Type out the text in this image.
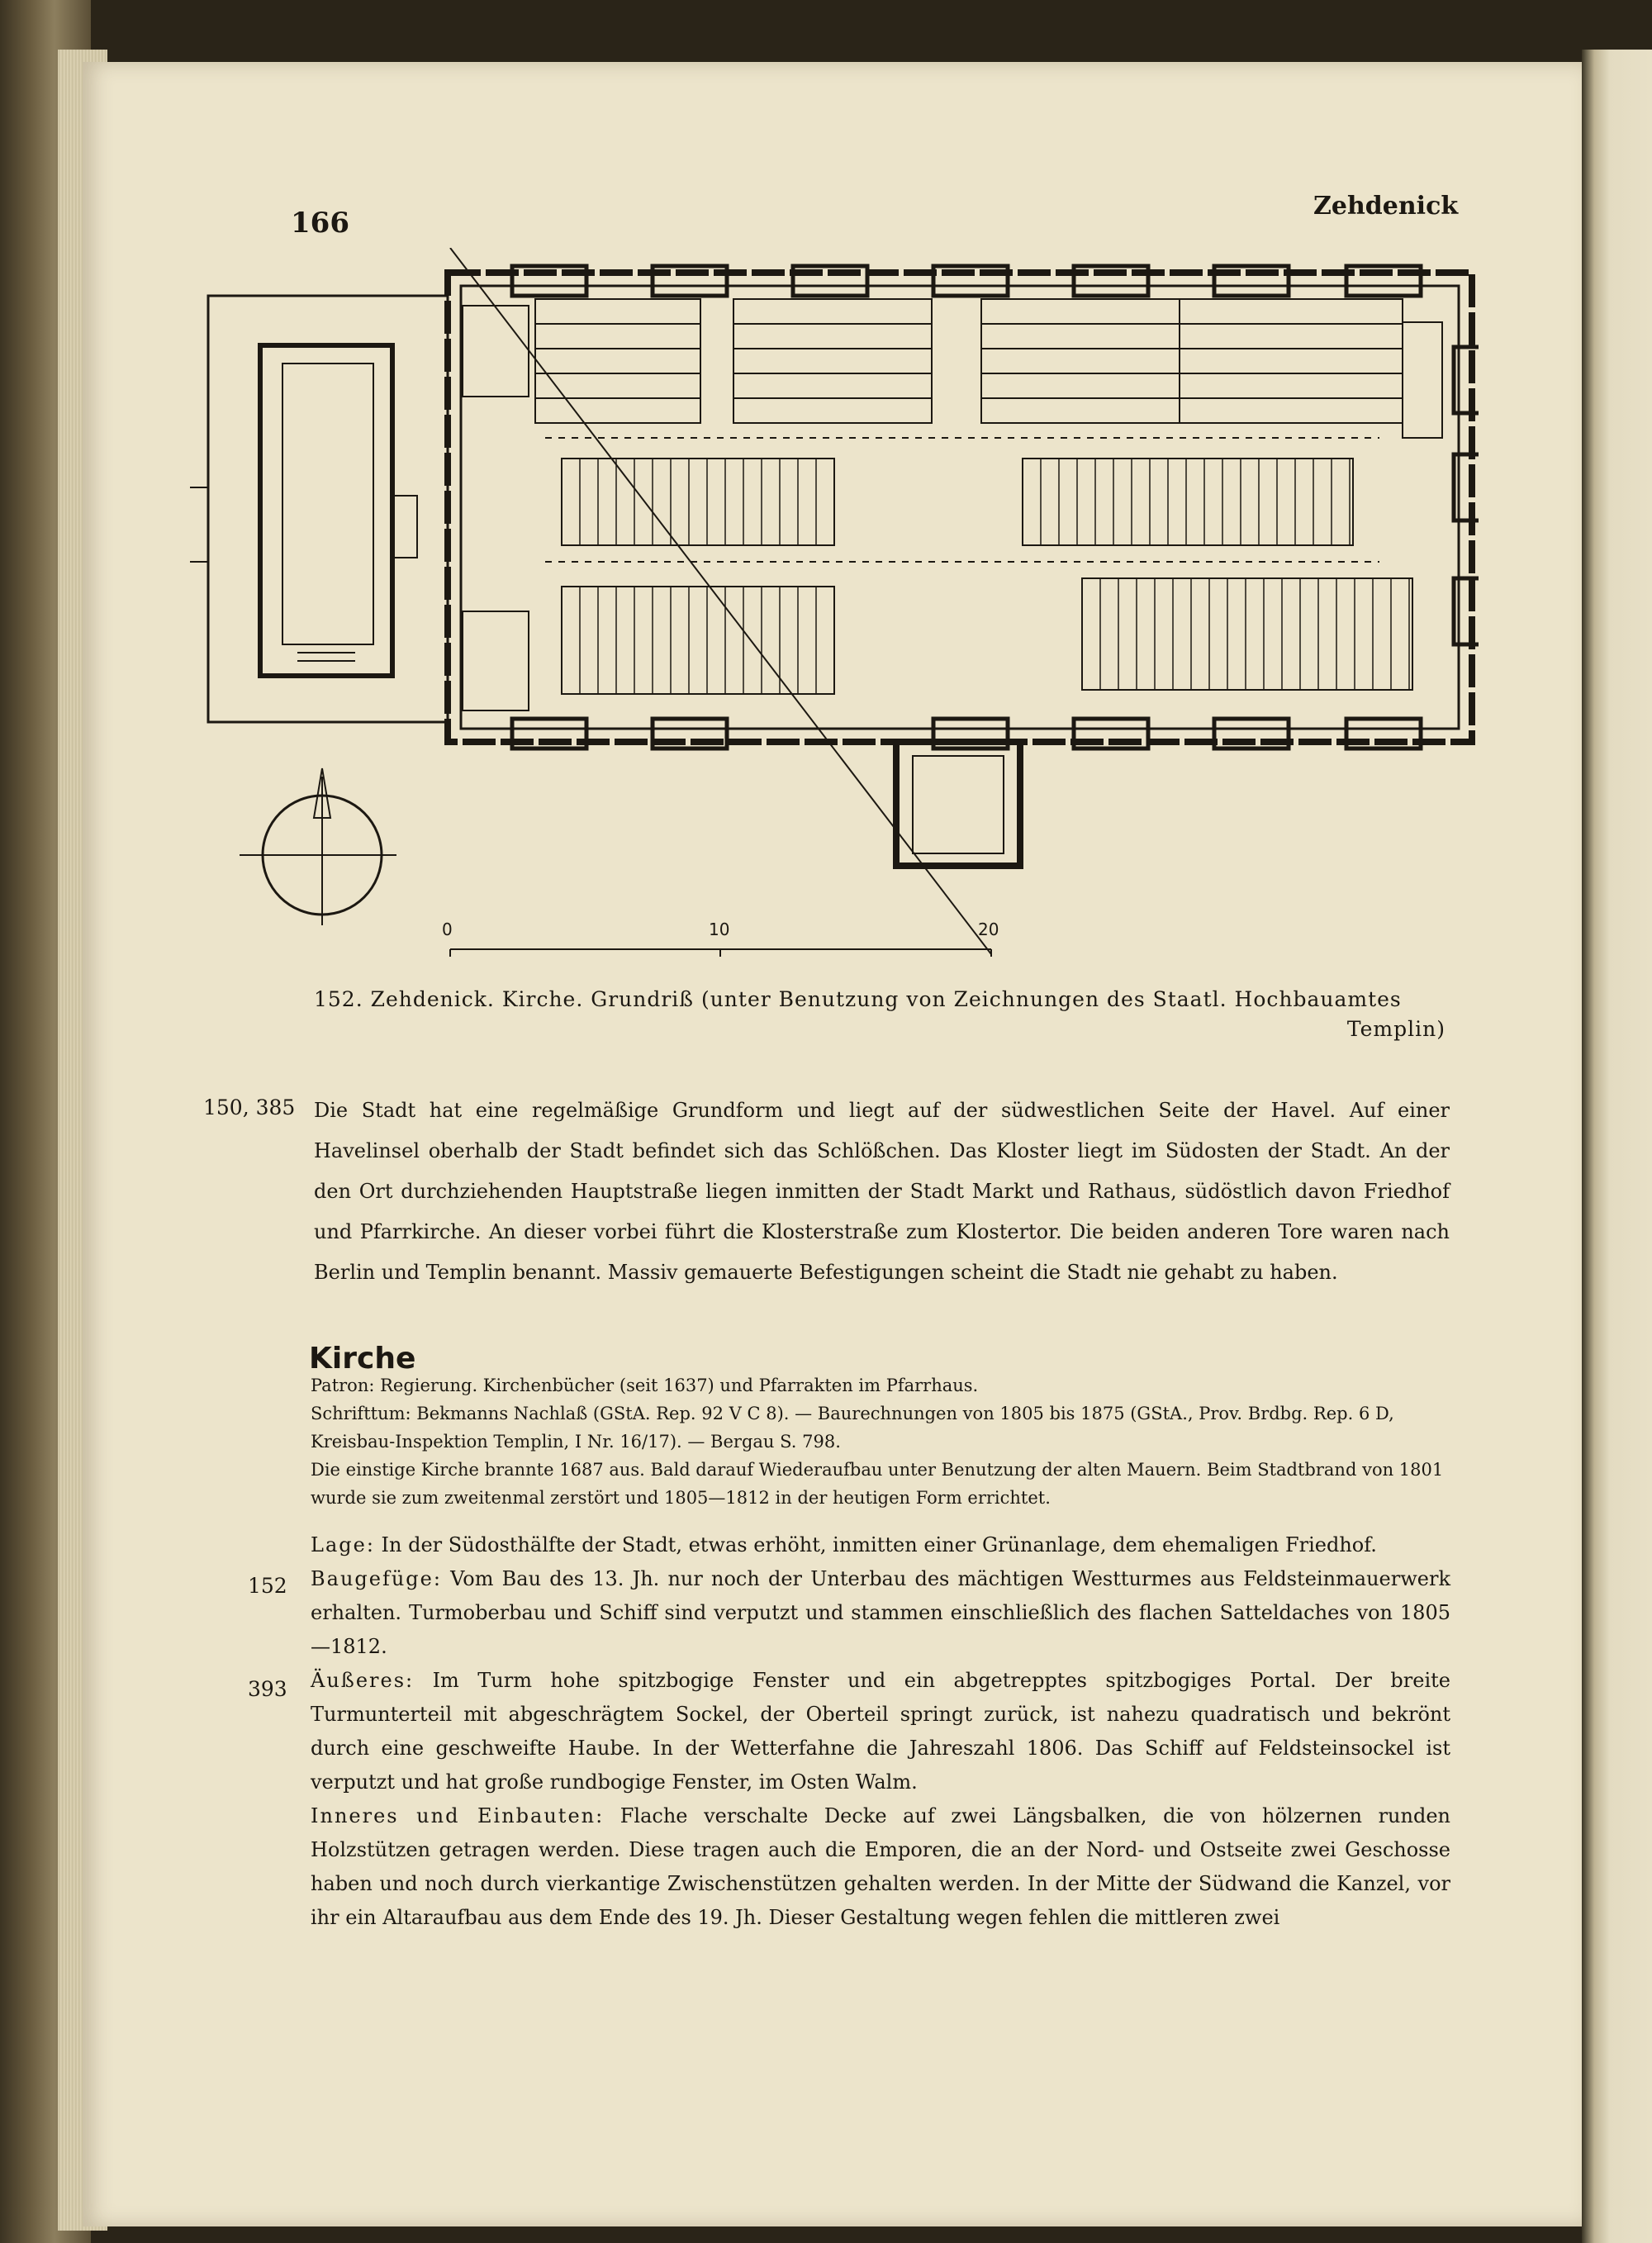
166
Zehdenick
0	10	20
152. Zehdenick. Kirche. Grundriß (unter Benutzung von Zeichnungen des Staatl. Hochbauamtes
Templin)
150, 385 Die Stadt hat eine regelmäßige Grundform und liegt auf der südwestlichen Seite der Havel. Auf einer Havelinsel oberhalb der Stadt befindet sich das Schlößchen. Das Kloster liegt im Südosten der Stadt. An der den Ort durchziehenden Hauptstraße liegen inmitten der Stadt Markt und Rathaus, südöstlich davon Friedhof und Pfarrkirche. An dieser vorbei führt die Klosterstraße zum Klostertor. Die beiden anderen Tore waren nach Berlin und Templin benannt. Massiv gemauerte Befestigungen scheint die Stadt nie gehabt zu haben.

Kirche

Patron: Regierung. Kirchenbücher (seit 1637) und Pfarrakten im Pfarrhaus.

Schrifttum: Bekmanns Nachlaß (GStA. Rep. 92 V C 8). — Baurechnungen von 1805 bis 1875 (GStA., Prov. Brdbg. Rep. 6 D, Kreisbau-Inspektion Templin, I Nr. 16/17). — Bergau S. 798.

Die einstige Kirche brannte 1687 aus. Bald darauf Wiederaufbau unter Benutzung der alten Mauern. Beim Stadtbrand von 1801 wurde sie zum zweitenmal zerstört und 1805—1812 in der heutigen Form errichtet.

Lage: In der Südosthälfte der Stadt, etwas erhöht, inmitten einer Grünanlage, dem ehemaligen Friedhof.

Baugefüge: Vom Bau des 13. Jh. nur noch der Unterbau des mächtigen Westturmes aus Feldsteinmauerwerk erhalten. Turmoberbau und Schiff sind verputzt und stammen einschließlich des flachen Satteldaches von 1805—1812.

Äußeres: Im Turm hohe spitzbogige Fenster und ein abgetrepptes spitzbogiges Portal. Der breite Turmunterteil mit abgeschrägtem Sockel, der Oberteil springt zurück, ist nahezu quadratisch und bekrönt durch eine geschweifte Haube. In der Wetterfahne die Jahreszahl 1806. Das Schiff auf Feldsteinsockel ist verputzt und hat große rundbogige Fenster, im Osten Walm.

Inneres und Einbauten: Flache verschalte Decke auf zwei Längsbalken, die von hölzernen runden Holzstützen getragen werden. Diese tragen auch die Emporen, die an der Nord- und Ostseite zwei Geschosse haben und noch durch vierkantige Zwischenstützen gehalten werden. In der Mitte der Südwand die Kanzel, vor ihr ein Altaraufbau aus dem Ende des 19. Jh. Dieser Gestaltung wegen fehlen die mittleren zwei

152
393
